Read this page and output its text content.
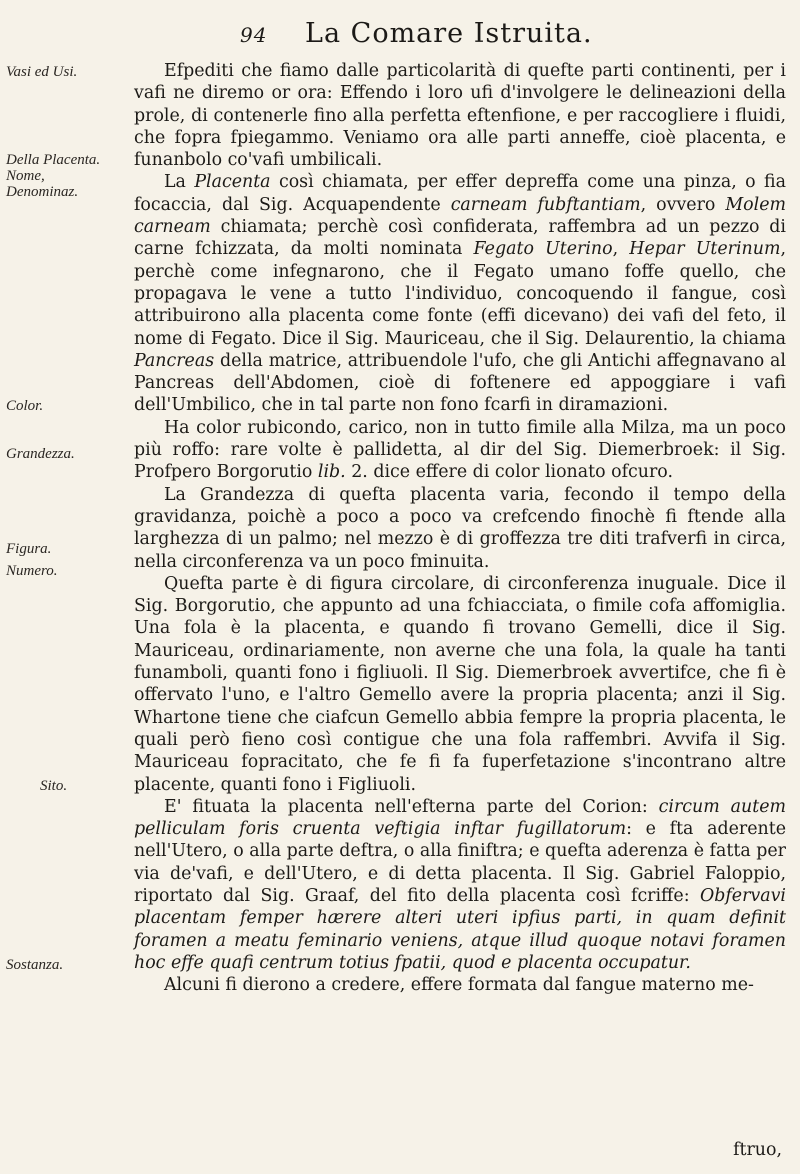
94 La Comare Istruita.
Vasi ed Usi.
Della Placenta. Nome, Denominaz.
Color.
Grandezza.
Figura.
Numero.
Sito.
Sostanza.

Efpediti che fiamo dalle particolarità di quefte parti continenti, per i vafi ne diremo or ora: Effendo i loro ufi d'involgere le delineazioni della prole, di contenerle fino alla perfetta eftenfione, e per raccogliere i fluidi, che fopra fpiegammo. Veniamo ora alle parti anneffe, cioè placenta, e funanbolo co'vafi umbilicali.

La Placenta così chiamata, per effer depreffa come una pinza, o fia focaccia, dal Sig. Acquapendente carneam fubftantiam, ovvero Molem carneam chiamata; perchè così confiderata, raffembra ad un pezzo di carne fchizzata, da molti nominata Fegato Uterino, Hepar Uterinum, perchè come infegnarono, che il Fegato umano foffe quello, che propagava le vene a tutto l'individuo, concoquendo il fangue, così attribuirono alla placenta come fonte (effi dicevano) dei vafi del feto, il nome di Fegato. Dice il Sig. Mauriceau, che il Sig. Delaurentio, la chiama Pancreas della matrice, attribuendole l'ufo, che gli Antichi affegnavano al Pancreas dell'Abdomen, cioè di foftenere ed appoggiare i vafi dell'Umbilico, che in tal parte non fono fcarfi in diramazioni.

Ha color rubicondo, carico, non in tutto fimile alla Milza, ma un poco più roffo: rare volte è pallidetta, al dir del Sig. Diemerbroek: il Sig. Profpero Borgorutio lib. 2. dice effere di color lionato ofcuro.

La Grandezza di quefta placenta varia, fecondo il tempo della gravidanza, poichè a poco a poco va crefcendo finochè fi ftende alla larghezza di un palmo; nel mezzo è di groffezza tre diti trafverfi in circa, nella circonferenza va un poco fminuita.

Quefta parte è di figura circolare, di circonferenza inuguale. Dice il Sig. Borgorutio, che appunto ad una fchiacciata, o fimile cofa affomiglia. Una fola è la placenta, e quando fi trovano Gemelli, dice il Sig. Mauriceau, ordinariamente, non averne che una fola, la quale ha tanti funamboli, quanti fono i figliuoli. Il Sig. Diemerbroek avvertifce, che fi è offervato l'uno, e l'altro Gemello avere la propria placenta; anzi il Sig. Whartone tiene che ciafcun Gemello abbia fempre la propria placenta, le quali però fieno così contigue che una fola raffembri. Avvifa il Sig. Mauriceau fopracitato, che fe fi fa fuperfetazione s'incontrano altre placente, quanti fono i Figliuoli.

E' fituata la placenta nell'efterna parte del Corion: circum autem pelliculam foris cruenta veftigia inftar fugillatorum: e fta aderente nell'Utero, o alla parte deftra, o alla finiftra; e quefta aderenza è fatta per via de'vafi, e dell'Utero, e di detta placenta. Il Sig. Gabriel Faloppio, riportato dal Sig. Graaf, del fito della placenta così fcriffe: Obfervavi placentam femper hærere alteri uteri ipfius parti, in quam definit foramen a meatu feminario veniens, atque illud quoque notavi foramen hoc effe quafi centrum totius fpatii, quod e placenta occupatur.

Alcuni fi dierono a credere, effere formata dal fangue materno me-

ftruo,
